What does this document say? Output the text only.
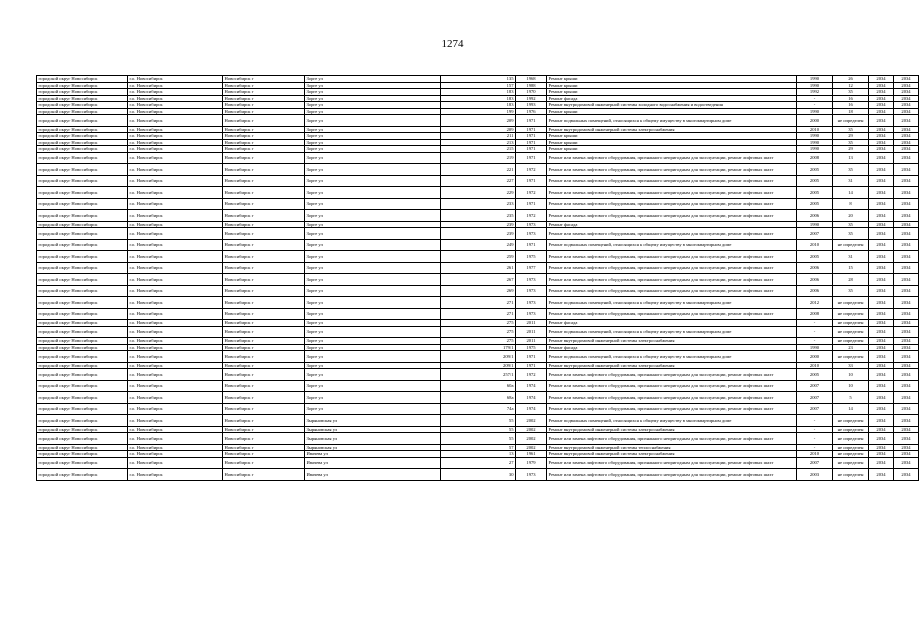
1274
городской округ Новосибирск	г.о. Новосибирск	Новосибирск г	Зорге ул	135	1968	Ремонт крыши	1990	26	2034	2034
городской округ Новосибирск	г.о. Новосибирск	Новосибирск г	Зорге ул	157	1988	Ремонт крыши	1990	12	2034	2034
городской округ Новосибирск	г.о. Новосибирск	Новосибирск г	Зорге ул	183	1970	Ремонт крыши	1992	35	2034	2034
городской округ Новосибирск	г.о. Новосибирск	Новосибирск г	Зорге ул	183	1992	Ремонт фасада	-	16	2034	2034
городской округ Новосибирск	г.о. Новосибирск	Новосибирск г	Зорге ул	183	1993	Ремонт внутридомовой инженерной системы холодного водоснабжения и водоотведения	-	16	2034	2034
городской округ Новосибирск	г.о. Новосибирск	Новосибирск г	Зорге ул	199	1976	Ремонт крыши	1990	18	2034	2034
городской округ Новосибирск	г.о. Новосибирск	Новосибирск г	Зорге ул	209	1971	Ремонт подвальных помещений, относящихся к общему имуществу в многоквартирном доме	2000	не определен	2034	2034
городской округ Новосибирск	г.о. Новосибирск	Новосибирск г	Зорге ул	209	1971	Ремонт внутридомовой инженерной системы электроснабжения	2010	35	2034	2034
городской округ Новосибирск	г.о. Новосибирск	Новосибирск г	Зорге ул	211	1971	Ремонт крыши	1990	29	2034	2034
городской округ Новосибирск	г.о. Новосибирск	Новосибирск г	Зорге ул	213	1971	Ремонт крыши	1990	35	2034	2034
городской округ Новосибирск	г.о. Новосибирск	Новосибирск г	Зорге ул	215	1971	Ремонт крыши	1990	29	2034	2034
городской округ Новосибирск	г.о. Новосибирск	Новосибирск г	Зорге ул	219	1971	Ремонт или замена лифтового оборудования, признанного непригодным для эксплуатации, ремонт лифтовых шахт	2008	13	2034	2034
городской округ Новосибирск	г.о. Новосибирск	Новосибирск г	Зорге ул	221	1972	Ремонт или замена лифтового оборудования, признанного непригодным для эксплуатации, ремонт лифтовых шахт	2005	35	2034	2034
городской округ Новосибирск	г.о. Новосибирск	Новосибирск г	Зорге ул	227	1971	Ремонт или замена лифтового оборудования, признанного непригодным для эксплуатации, ремонт лифтовых шахт	2005	31	2034	2034
городской округ Новосибирск	г.о. Новосибирск	Новосибирск г	Зорге ул	229	1972	Ремонт или замена лифтового оборудования, признанного непригодным для эксплуатации, ремонт лифтовых шахт	2005	14	2034	2034
городской округ Новосибирск	г.о. Новосибирск	Новосибирск г	Зорге ул	233	1971	Ремонт или замена лифтового оборудования, признанного непригодным для эксплуатации, ремонт лифтовых шахт	2005	8	2034	2034
городской округ Новосибирск	г.о. Новосибирск	Новосибирск г	Зорге ул	235	1972	Ремонт или замена лифтового оборудования, признанного непригодным для эксплуатации, ремонт лифтовых шахт	2006	20	2034	2034
городской округ Новосибирск	г.о. Новосибирск	Новосибирск г	Зорге ул	239	1973	Ремонт фасада	1990	35	2034	2034
городской округ Новосибирск	г.о. Новосибирск	Новосибирск г	Зорге ул	239	1973	Ремонт или замена лифтового оборудования, признанного непригодным для эксплуатации, ремонт лифтовых шахт	2007	35	2034	2034
городской округ Новосибирск	г.о. Новосибирск	Новосибирск г	Зорге ул	249	1971	Ремонт подвальных помещений, относящихся к общему имуществу в многоквартирном доме	2010	не определен	2034	2034
городской округ Новосибирск	г.о. Новосибирск	Новосибирск г	Зорге ул	259	1975	Ремонт или замена лифтового оборудования, признанного непригодным для эксплуатации, ремонт лифтовых шахт	2005	31	2034	2034
городской округ Новосибирск	г.о. Новосибирск	Новосибирск г	Зорге ул	261	1977	Ремонт или замена лифтового оборудования, признанного непригодным для эксплуатации, ремонт лифтовых шахт	2006	15	2034	2034
городской округ Новосибирск	г.о. Новосибирск	Новосибирск г	Зорге ул	267	1973	Ремонт или замена лифтового оборудования, признанного непригодным для эксплуатации, ремонт лифтовых шахт	2006	28	2034	2034
городской округ Новосибирск	г.о. Новосибирск	Новосибирск г	Зорге ул	269	1973	Ремонт или замена лифтового оборудования, признанного непригодным для эксплуатации, ремонт лифтовых шахт	2006	35	2034	2034
городской округ Новосибирск	г.о. Новосибирск	Новосибирск г	Зорге ул	271	1973	Ремонт подвальных помещений, относящихся к общему имуществу в многоквартирном доме	2012	не определен	2034	2034
городской округ Новосибирск	г.о. Новосибирск	Новосибирск г	Зорге ул	271	1973	Ремонт или замена лифтового оборудования, признанного непригодным для эксплуатации, ремонт лифтовых шахт	2008	не определен	2034	2034
городской округ Новосибирск	г.о. Новосибирск	Новосибирск г	Зорге ул	275	2011	Ремонт фасада	-	не определен	2034	2034
городской округ Новосибирск	г.о. Новосибирск	Новосибирск г	Зорге ул	275	2011	Ремонт подвальных помещений, относящихся к общему имуществу в многоквартирном доме	-	не определен	2034	2034
городской округ Новосибирск	г.о. Новосибирск	Новосибирск г	Зорге ул	275	2011	Ремонт внутридомовой инженерной системы электроснабжения	-	не определен	2034	2034
городской округ Новосибирск	г.о. Новосибирск	Новосибирск г	Зорге ул	179/1	1975	Ремонт фасада	1990	23	2034	2034
городской округ Новосибирск	г.о. Новосибирск	Новосибирск г	Зорге ул	209/1	1971	Ремонт подвальных помещений, относящихся к общему имуществу в многоквартирном доме	2000	не определен	2034	2034
городской округ Новосибирск	г.о. Новосибирск	Новосибирск г	Зорге ул	209/1	1971	Ремонт внутридомовой инженерной системы электроснабжения	2010	33	2034	2034
городской округ Новосибирск	г.о. Новосибирск	Новосибирск г	Зорге ул	257/1	1972	Ремонт или замена лифтового оборудования, признанного непригодным для эксплуатации, ремонт лифтовых шахт	2005	10	2034	2034
городской округ Новосибирск	г.о. Новосибирск	Новосибирск г	Зорге ул	60а	1974	Ремонт или замена лифтового оборудования, признанного непригодным для эксплуатации, ремонт лифтовых шахт	2007	10	2034	2034
городской округ Новосибирск	г.о. Новосибирск	Новосибирск г	Зорге ул	68а	1974	Ремонт или замена лифтового оборудования, признанного непригодным для эксплуатации, ремонт лифтовых шахт	2007	5	2034	2034
городской округ Новосибирск	г.о. Новосибирск	Новосибирск г	Зорге ул	74а	1974	Ремонт или замена лифтового оборудования, признанного непригодным для эксплуатации, ремонт лифтовых шахт	2007	14	2034	2034
городской округ Новосибирск	г.о. Новосибирск	Новосибирск г	Зыряновская ул	55	2002	Ремонт подвальных помещений, относящихся к общему имуществу в многоквартирном доме	-	не определен	2034	2034
городской округ Новосибирск	г.о. Новосибирск	Новосибирск г	Зыряновская ул	55	2002	Ремонт внутридомовой инженерной системы электроснабжения	-	не определен	2034	2034
городской округ Новосибирск	г.о. Новосибирск	Новосибирск г	Зыряновская ул	55	2002	Ремонт или замена лифтового оборудования, признанного непригодным для эксплуатации, ремонт лифтовых шахт	-	не определен	2034	2034
городской округ Новосибирск	г.о. Новосибирск	Новосибирск г	Зыряновская ул	57	2002	Ремонт внутридомовой инженерной системы теплоснабжения	-	не определен	2034	2034
городской округ Новосибирск	г.о. Новосибирск	Новосибирск г	Ивачева ул	13	1961	Ремонт внутридомовой инженерной системы электроснабжения	2010	не определен	2034	2034
городской округ Новосибирск	г.о. Новосибирск	Новосибирск г	Ивачева ул	27	1979	Ремонт или замена лифтового оборудования, признанного непригодным для эксплуатации, ремонт лифтовых шахт	2007	не определен	2034	2034
городской округ Новосибирск	г.о. Новосибирск	Новосибирск г	Ивачева ул	30	1973	Ремонт или замена лифтового оборудования, признанного непригодным для эксплуатации, ремонт лифтовых шахт	2003	не определен	2034	2034
